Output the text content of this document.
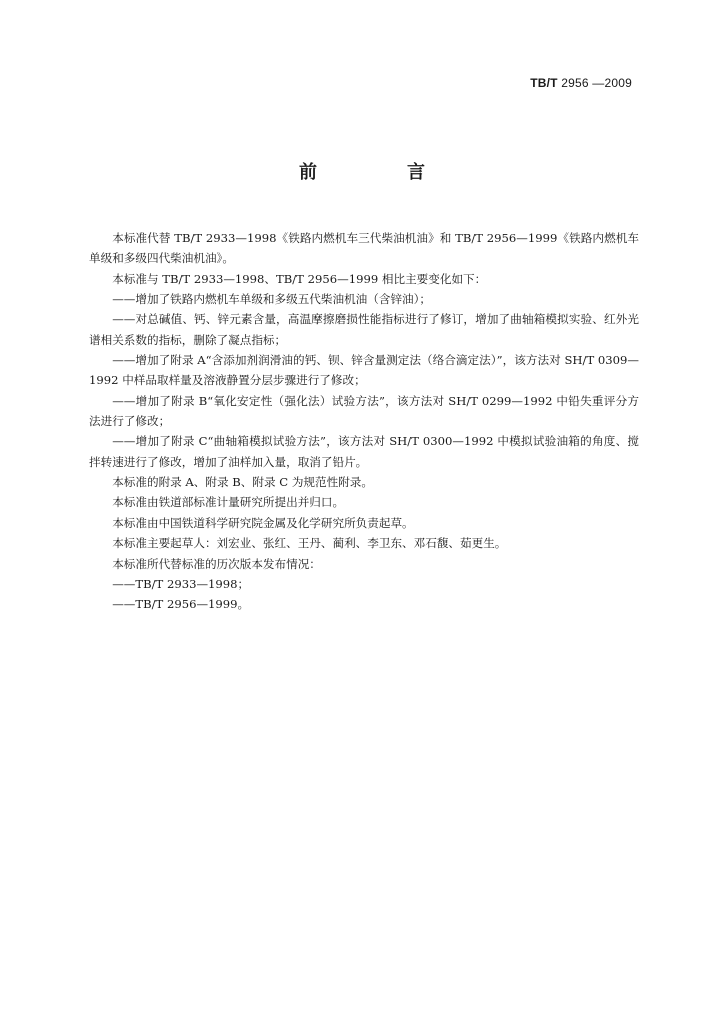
TB/T 2956 —2009
前　言

本标准代替 TB/T 2933—1998《铁路内燃机车三代柴油机油》和 TB/T 2956—1999《铁路内燃机车单级和多级四代柴油机油》。

本标准与 TB/T 2933—1998、TB/T 2956—1999 相比主要变化如下：

——增加了铁路内燃机车单级和多级五代柴油机油（含锌油）；

——对总碱值、钙、锌元素含量，高温摩擦磨损性能指标进行了修订，增加了曲轴箱模拟实验、红外光谱相关系数的指标，删除了凝点指标；

——增加了附录 A“含添加剂润滑油的钙、钡、锌含量测定法（络合滴定法）”，该方法对 SH/T 0309—1992 中样品取样量及溶液静置分层步骤进行了修改；

——增加了附录 B“氧化安定性（强化法）试验方法”，该方法对 SH/T 0299—1992 中铅失重评分方法进行了修改；

——增加了附录 C“曲轴箱模拟试验方法”，该方法对 SH/T 0300—1992 中模拟试验油箱的角度、搅拌转速进行了修改，增加了油样加入量，取消了铅片。

本标准的附录 A、附录 B、附录 C 为规范性附录。

本标准由铁道部标准计量研究所提出并归口。

本标准由中国铁道科学研究院金属及化学研究所负责起草。

本标准主要起草人：刘宏业、张红、王丹、蔺利、李卫东、邓石馥、茹更生。

本标准所代替标准的历次版本发布情况：

——TB/T 2933—1998；

——TB/T 2956—1999。
